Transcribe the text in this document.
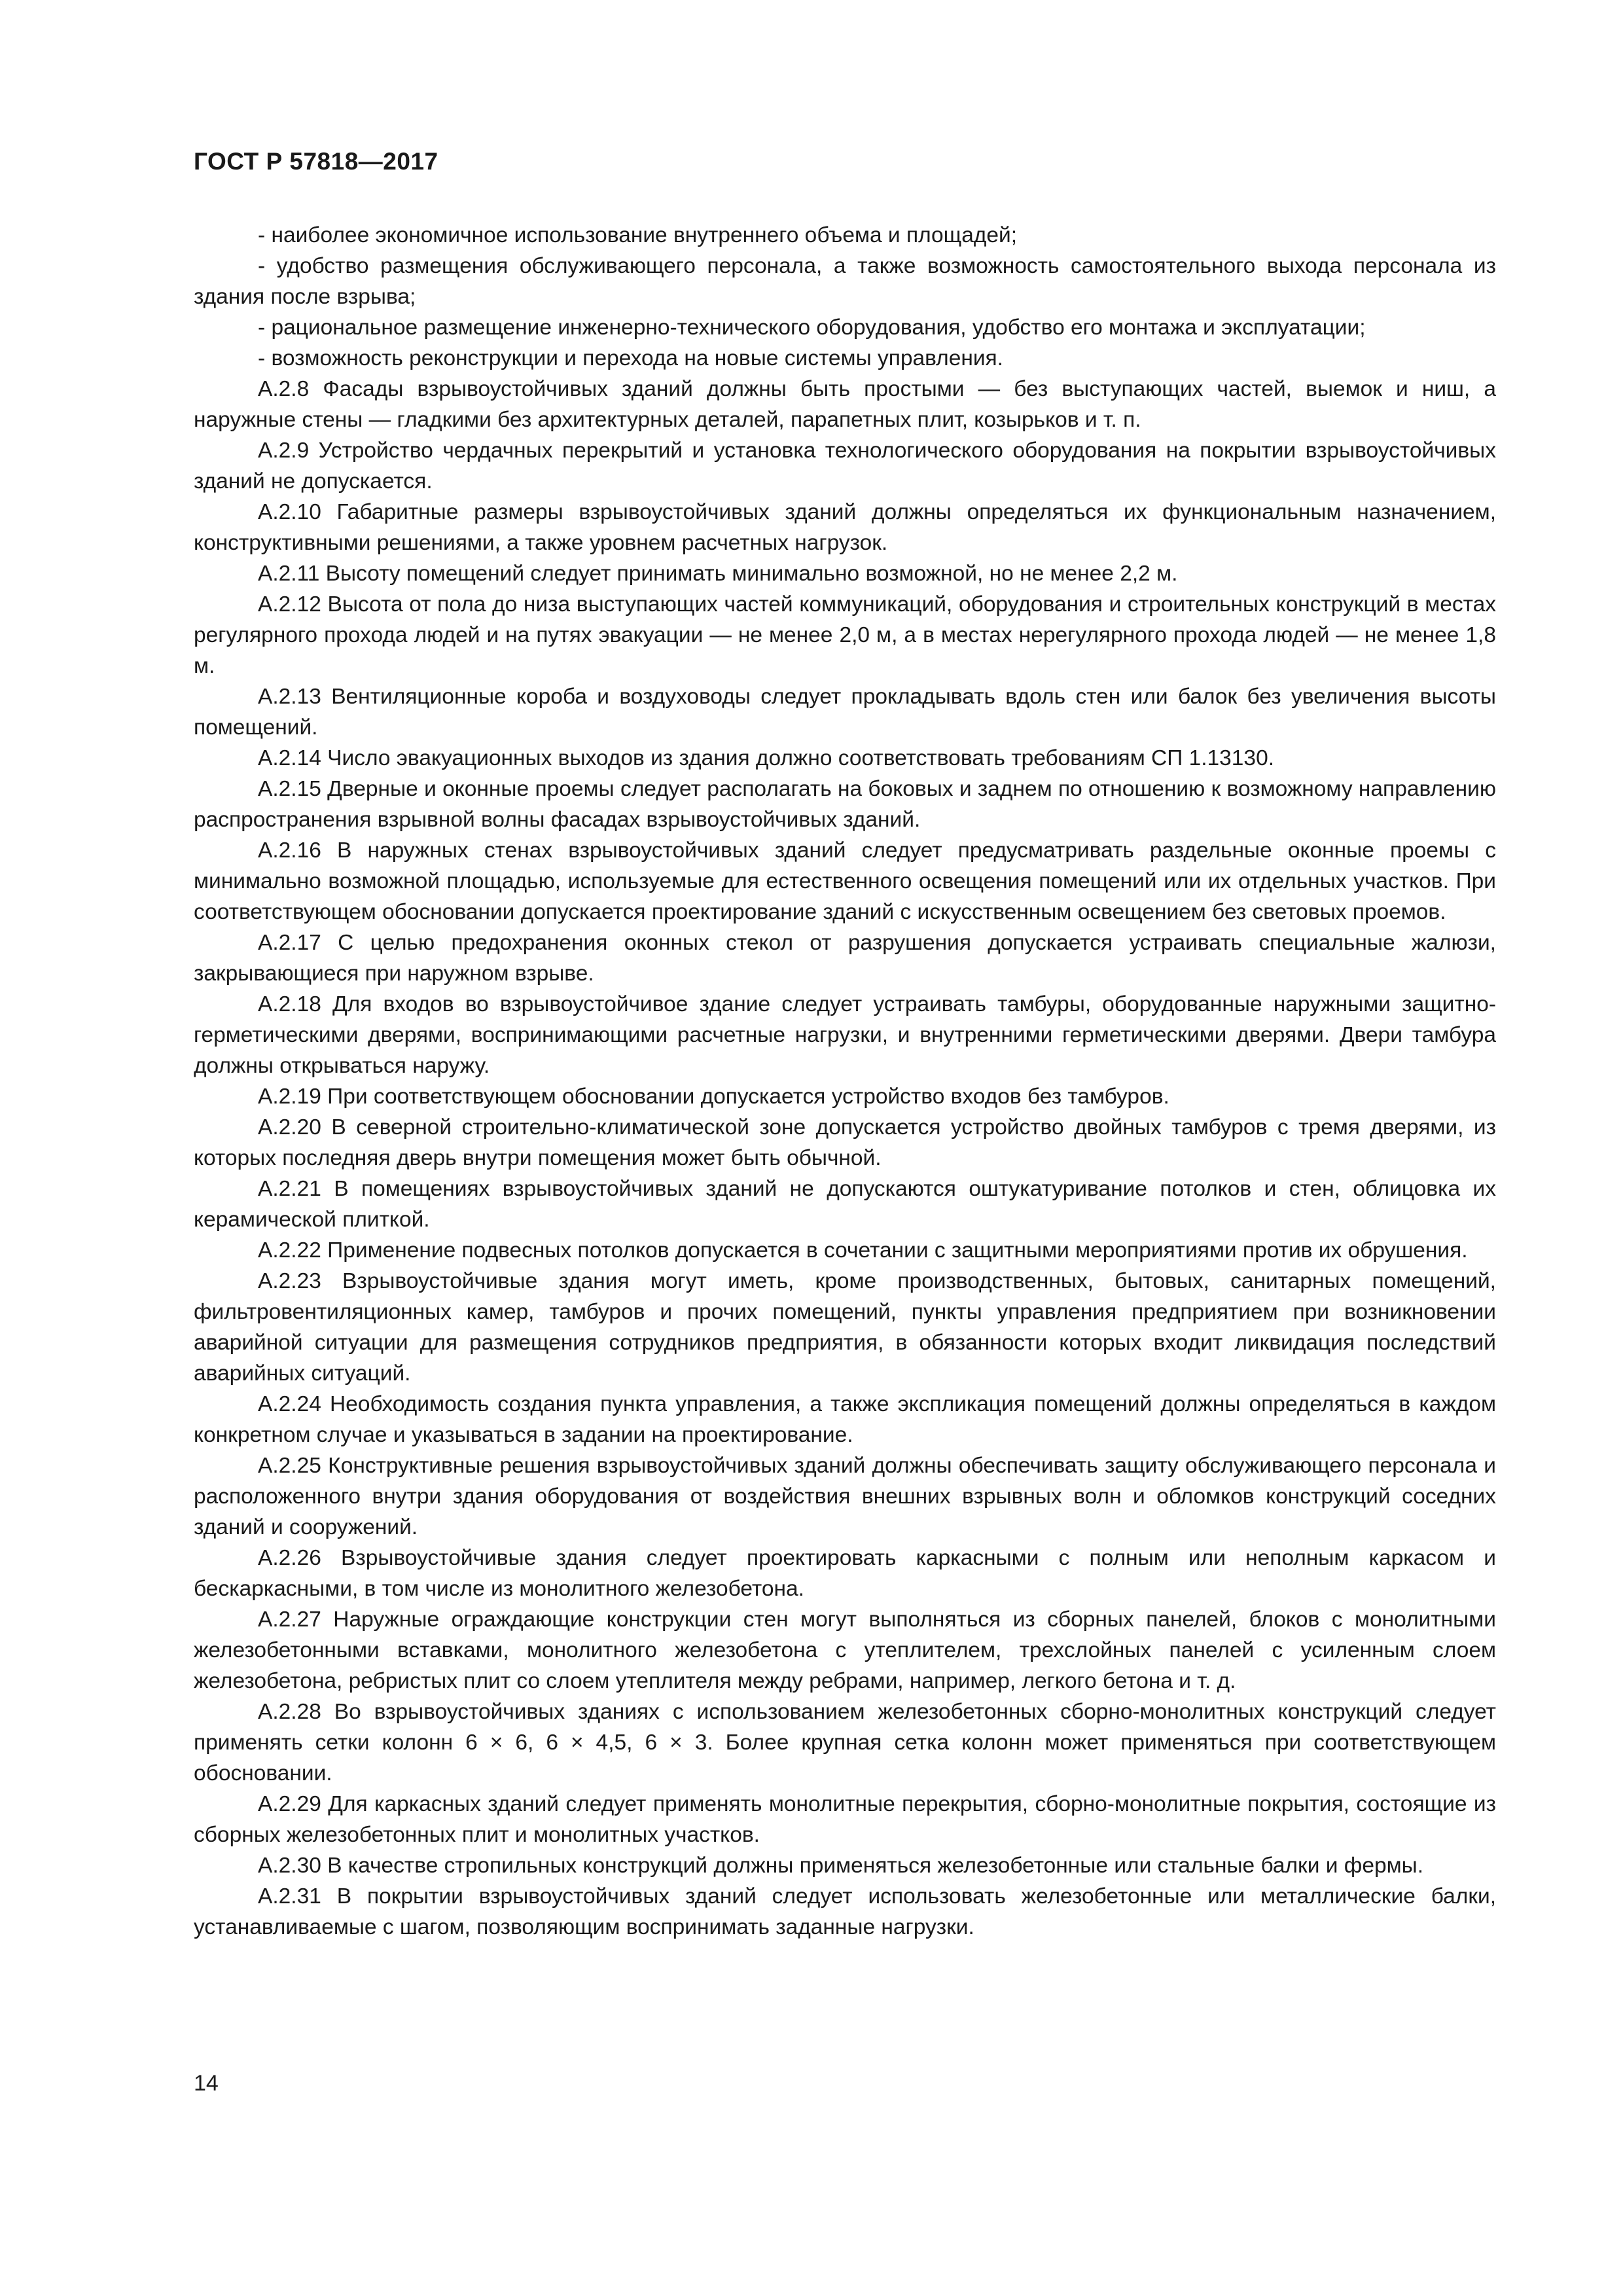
ГОСТ Р 57818—2017

- наиболее экономичное использование внутреннего объема и площадей;

- удобство размещения обслуживающего персонала, а также возможность самостоятельного выхода персонала из здания после взрыва;

- рациональное размещение инженерно-технического оборудования, удобство его монтажа и эксплуатации;

- возможность реконструкции и перехода на новые системы управления.

А.2.8 Фасады взрывоустойчивых зданий должны быть простыми — без выступающих частей, выемок и ниш, а наружные стены — гладкими без архитектурных деталей, парапетных плит, козырьков и т. п.

А.2.9 Устройство чердачных перекрытий и установка технологического оборудования на покрытии взрывоустойчивых зданий не допускается.

А.2.10 Габаритные размеры взрывоустойчивых зданий должны определяться их функциональным назначением, конструктивными решениями, а также уровнем расчетных нагрузок.

А.2.11 Высоту помещений следует принимать минимально возможной, но не менее 2,2 м.

А.2.12 Высота от пола до низа выступающих частей коммуникаций, оборудования и строительных конструкций в местах регулярного прохода людей и на путях эвакуации — не менее 2,0 м, а в местах нерегулярного прохода людей — не менее 1,8 м.

А.2.13 Вентиляционные короба и воздуховоды следует прокладывать вдоль стен или балок без увеличения высоты помещений.

А.2.14 Число эвакуационных выходов из здания должно соответствовать требованиям СП 1.13130.

А.2.15 Дверные и оконные проемы следует располагать на боковых и заднем по отношению к возможному направлению распространения взрывной волны фасадах взрывоустойчивых зданий.

А.2.16 В наружных стенах взрывоустойчивых зданий следует предусматривать раздельные оконные проемы с минимально возможной площадью, используемые для естественного освещения помещений или их отдельных участков. При соответствующем обосновании допускается проектирование зданий с искусственным освещением без световых проемов.

А.2.17 С целью предохранения оконных стекол от разрушения допускается устраивать специальные жалюзи, закрывающиеся при наружном взрыве.

А.2.18 Для входов во взрывоустойчивое здание следует устраивать тамбуры, оборудованные наружными защитно-герметическими дверями, воспринимающими расчетные нагрузки, и внутренними герметическими дверями. Двери тамбура должны открываться наружу.

А.2.19 При соответствующем обосновании допускается устройство входов без тамбуров.

А.2.20 В северной строительно-климатической зоне допускается устройство двойных тамбуров с тремя дверями, из которых последняя дверь внутри помещения может быть обычной.

А.2.21 В помещениях взрывоустойчивых зданий не допускаются оштукатуривание потолков и стен, облицовка их керамической плиткой.

А.2.22 Применение подвесных потолков допускается в сочетании с защитными мероприятиями против их обрушения.

А.2.23 Взрывоустойчивые здания могут иметь, кроме производственных, бытовых, санитарных помещений, фильтровентиляционных камер, тамбуров и прочих помещений, пункты управления предприятием при возникновении аварийной ситуации для размещения сотрудников предприятия, в обязанности которых входит ликвидация последствий аварийных ситуаций.

А.2.24 Необходимость создания пункта управления, а также экспликация помещений должны определяться в каждом конкретном случае и указываться в задании на проектирование.

А.2.25 Конструктивные решения взрывоустойчивых зданий должны обеспечивать защиту обслуживающего персонала и расположенного внутри здания оборудования от воздействия внешних взрывных волн и обломков конструкций соседних зданий и сооружений.

А.2.26 Взрывоустойчивые здания следует проектировать каркасными с полным или неполным каркасом и бескаркасными, в том числе из монолитного железобетона.

А.2.27 Наружные ограждающие конструкции стен могут выполняться из сборных панелей, блоков с монолитными железобетонными вставками, монолитного железобетона с утеплителем, трехслойных панелей с усиленным слоем железобетона, ребристых плит со слоем утеплителя между ребрами, например, легкого бетона и т. д.

А.2.28 Во взрывоустойчивых зданиях с использованием железобетонных сборно-монолитных конструкций следует применять сетки колонн 6 × 6, 6 × 4,5, 6 × 3. Более крупная сетка колонн может применяться при соответствующем обосновании.

А.2.29 Для каркасных зданий следует применять монолитные перекрытия, сборно-монолитные покрытия, состоящие из сборных железобетонных плит и монолитных участков.

А.2.30 В качестве стропильных конструкций должны применяться железобетонные или стальные балки и фермы.

А.2.31 В покрытии взрывоустойчивых зданий следует использовать железобетонные или металлические балки, устанавливаемые с шагом, позволяющим воспринимать заданные нагрузки.

14
